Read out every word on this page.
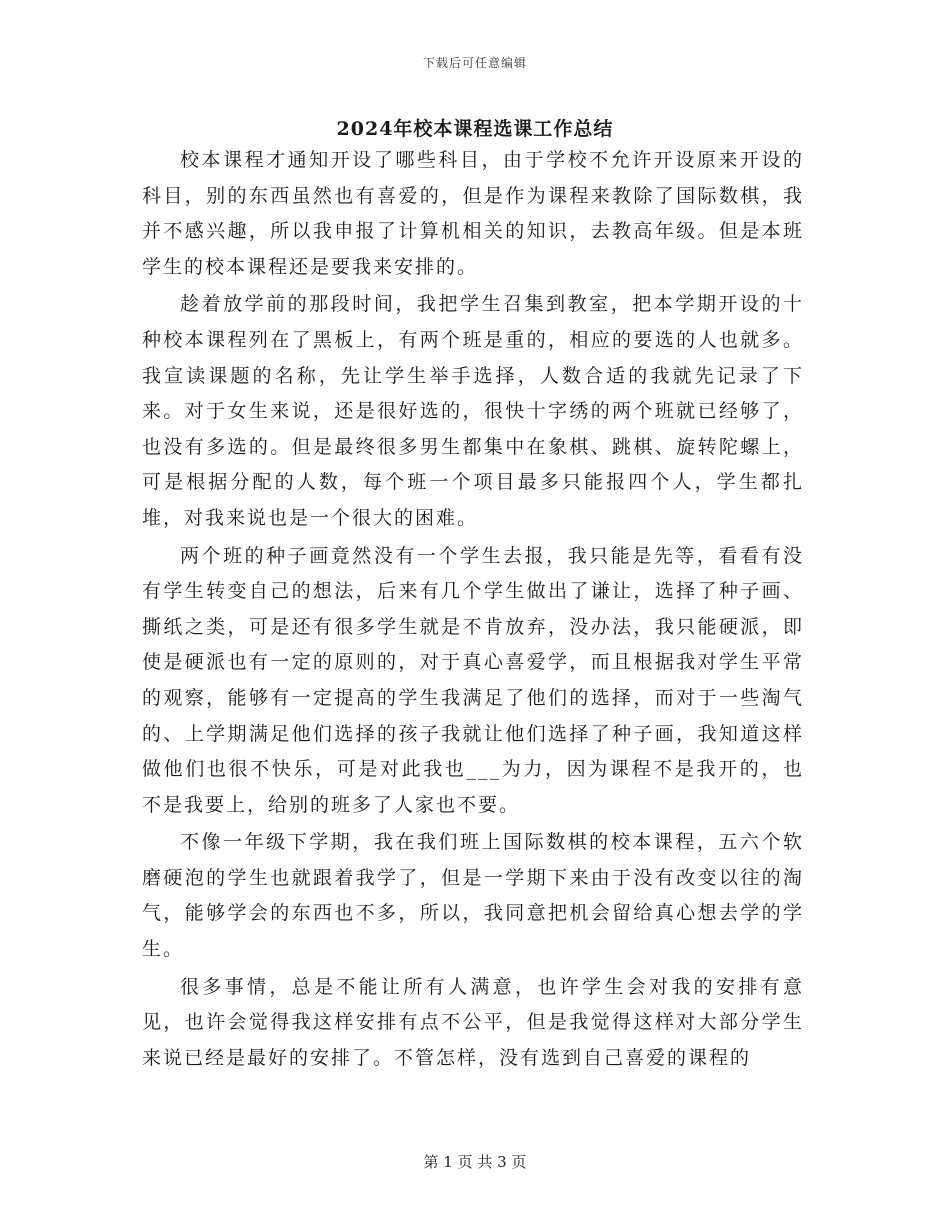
下载后可任意编辑
2024年校本课程选课工作总结

校本课程才通知开设了哪些科目，由于学校不允许开设原来开设的科目，别的东西虽然也有喜爱的，但是作为课程来教除了国际数棋，我并不感兴趣，所以我申报了计算机相关的知识，去教高年级。但是本班学生的校本课程还是要我来安排的。

趁着放学前的那段时间，我把学生召集到教室，把本学期开设的十种校本课程列在了黑板上，有两个班是重的，相应的要选的人也就多。我宣读课题的名称，先让学生举手选择，人数合适的我就先记录了下来。对于女生来说，还是很好选的，很快十字绣的两个班就已经够了，也没有多选的。但是最终很多男生都集中在象棋、跳棋、旋转陀螺上，可是根据分配的人数，每个班一个项目最多只能报四个人，学生都扎堆，对我来说也是一个很大的困难。

两个班的种子画竟然没有一个学生去报，我只能是先等，看看有没有学生转变自己的想法，后来有几个学生做出了谦让，选择了种子画、撕纸之类，可是还有很多学生就是不肯放弃，没办法，我只能硬派，即使是硬派也有一定的原则的，对于真心喜爱学，而且根据我对学生平常的观察，能够有一定提高的学生我满足了他们的选择，而对于一些淘气的、上学期满足他们选择的孩子我就让他们选择了种子画，我知道这样做他们也很不快乐，可是对此我也___为力，因为课程不是我开的，也不是我要上，给别的班多了人家也不要。

不像一年级下学期，我在我们班上国际数棋的校本课程，五六个软磨硬泡的学生也就跟着我学了，但是一学期下来由于没有改变以往的淘气，能够学会的东西也不多，所以，我同意把机会留给真心想去学的学生。

很多事情，总是不能让所有人满意，也许学生会对我的安排有意见，也许会觉得我这样安排有点不公平，但是我觉得这样对大部分学生来说已经是最好的安排了。不管怎样，没有选到自己喜爱的课程的

第 1 页 共 3 页
